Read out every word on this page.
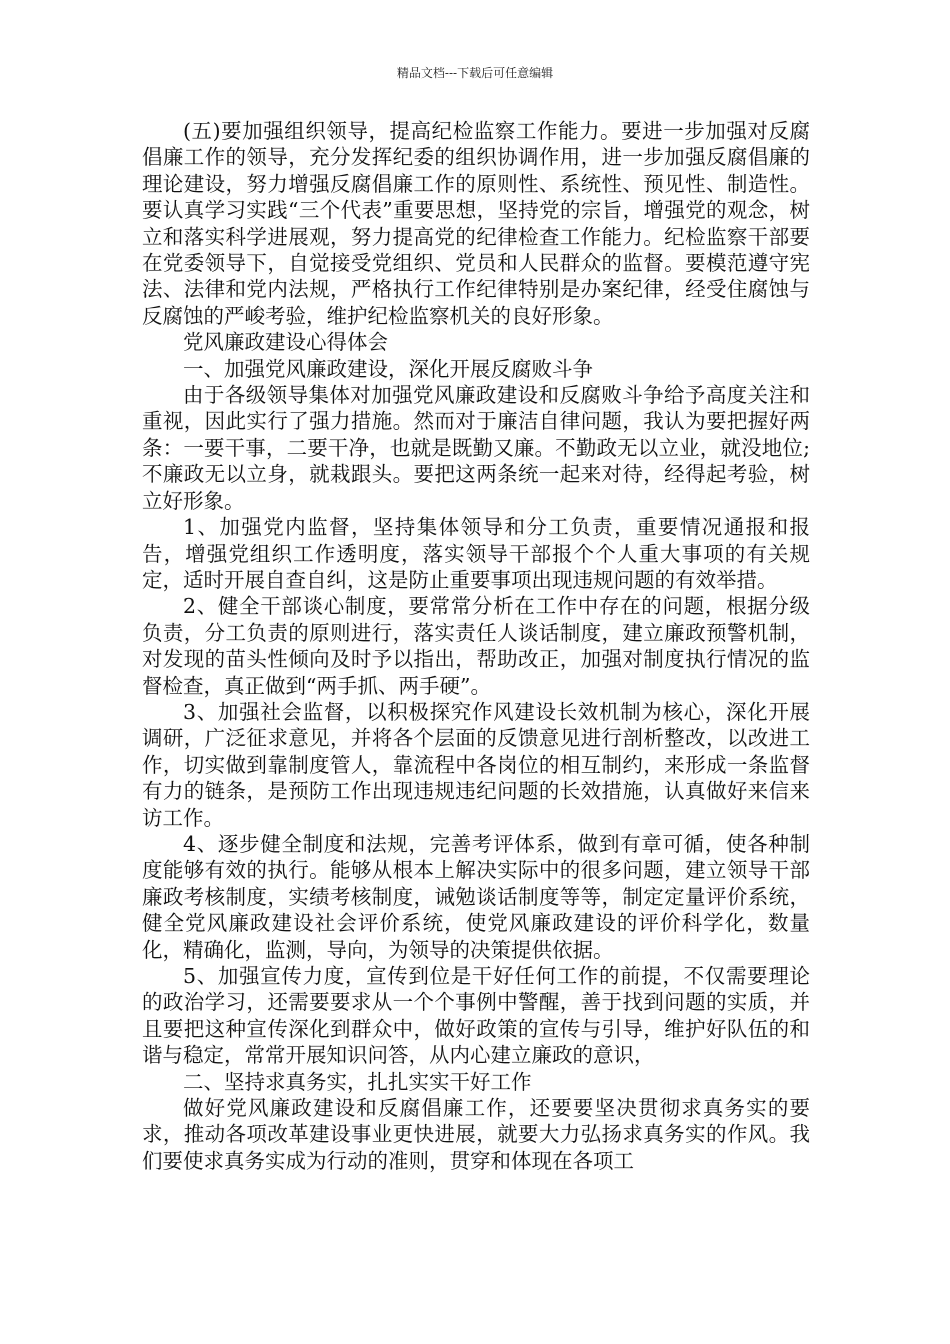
精品文档---下载后可任意编辑

(五)要加强组织领导，提高纪检监察工作能力。要进一步加强对反腐倡廉工作的领导，充分发挥纪委的组织协调作用，进一步加强反腐倡廉的理论建设，努力增强反腐倡廉工作的原则性、系统性、预见性、制造性。要认真学习实践“三个代表”重要思想，坚持党的宗旨，增强党的观念，树立和落实科学进展观，努力提高党的纪律检查工作能力。纪检监察干部要在党委领导下，自觉接受党组织、党员和人民群众的监督。要模范遵守宪法、法律和党内法规，严格执行工作纪律特别是办案纪律，经受住腐蚀与反腐蚀的严峻考验，维护纪检监察机关的良好形象。

党风廉政建设心得体会

一、加强党风廉政建设，深化开展反腐败斗争

由于各级领导集体对加强党风廉政建设和反腐败斗争给予高度关注和重视，因此实行了强力措施。然而对于廉洁自律问题，我认为要把握好两条：一要干事，二要干净，也就是既勤又廉。不勤政无以立业，就没地位;不廉政无以立身，就栽跟头。要把这两条统一起来对待，经得起考验，树立好形象。

1、加强党内监督，坚持集体领导和分工负责，重要情况通报和报告，增强党组织工作透明度，落实领导干部报个个人重大事项的有关规定，适时开展自查自纠，这是防止重要事项出现违规问题的有效举措。

2、健全干部谈心制度，要常常分析在工作中存在的问题，根据分级负责，分工负责的原则进行，落实责任人谈话制度，建立廉政预警机制，对发现的苗头性倾向及时予以指出，帮助改正，加强对制度执行情况的监督检查，真正做到“两手抓、两手硬”。

3、加强社会监督，以积极探究作风建设长效机制为核心，深化开展调研，广泛征求意见，并将各个层面的反馈意见进行剖析整改，以改进工作，切实做到靠制度管人，靠流程中各岗位的相互制约，来形成一条监督有力的链条，是预防工作出现违规违纪问题的长效措施，认真做好来信来访工作。

4、逐步健全制度和法规，完善考评体系，做到有章可循，使各种制度能够有效的执行。能够从根本上解决实际中的很多问题，建立领导干部廉政考核制度，实绩考核制度，诫勉谈话制度等等，制定定量评价系统，健全党风廉政建设社会评价系统，使党风廉政建设的评价科学化，数量化，精确化，监测，导向，为领导的决策提供依据。

5、加强宣传力度，宣传到位是干好任何工作的前提，不仅需要理论的政治学习，还需要要求从一个个事例中警醒，善于找到问题的实质，并且要把这种宣传深化到群众中，做好政策的宣传与引导，维护好队伍的和谐与稳定，常常开展知识问答，从内心建立廉政的意识，

二、坚持求真务实，扎扎实实干好工作

做好党风廉政建设和反腐倡廉工作，还要要坚决贯彻求真务实的要求，推动各项改革建设事业更快进展，就要大力弘扬求真务实的作风。我们要使求真务实成为行动的准则，贯穿和体现在各项工
